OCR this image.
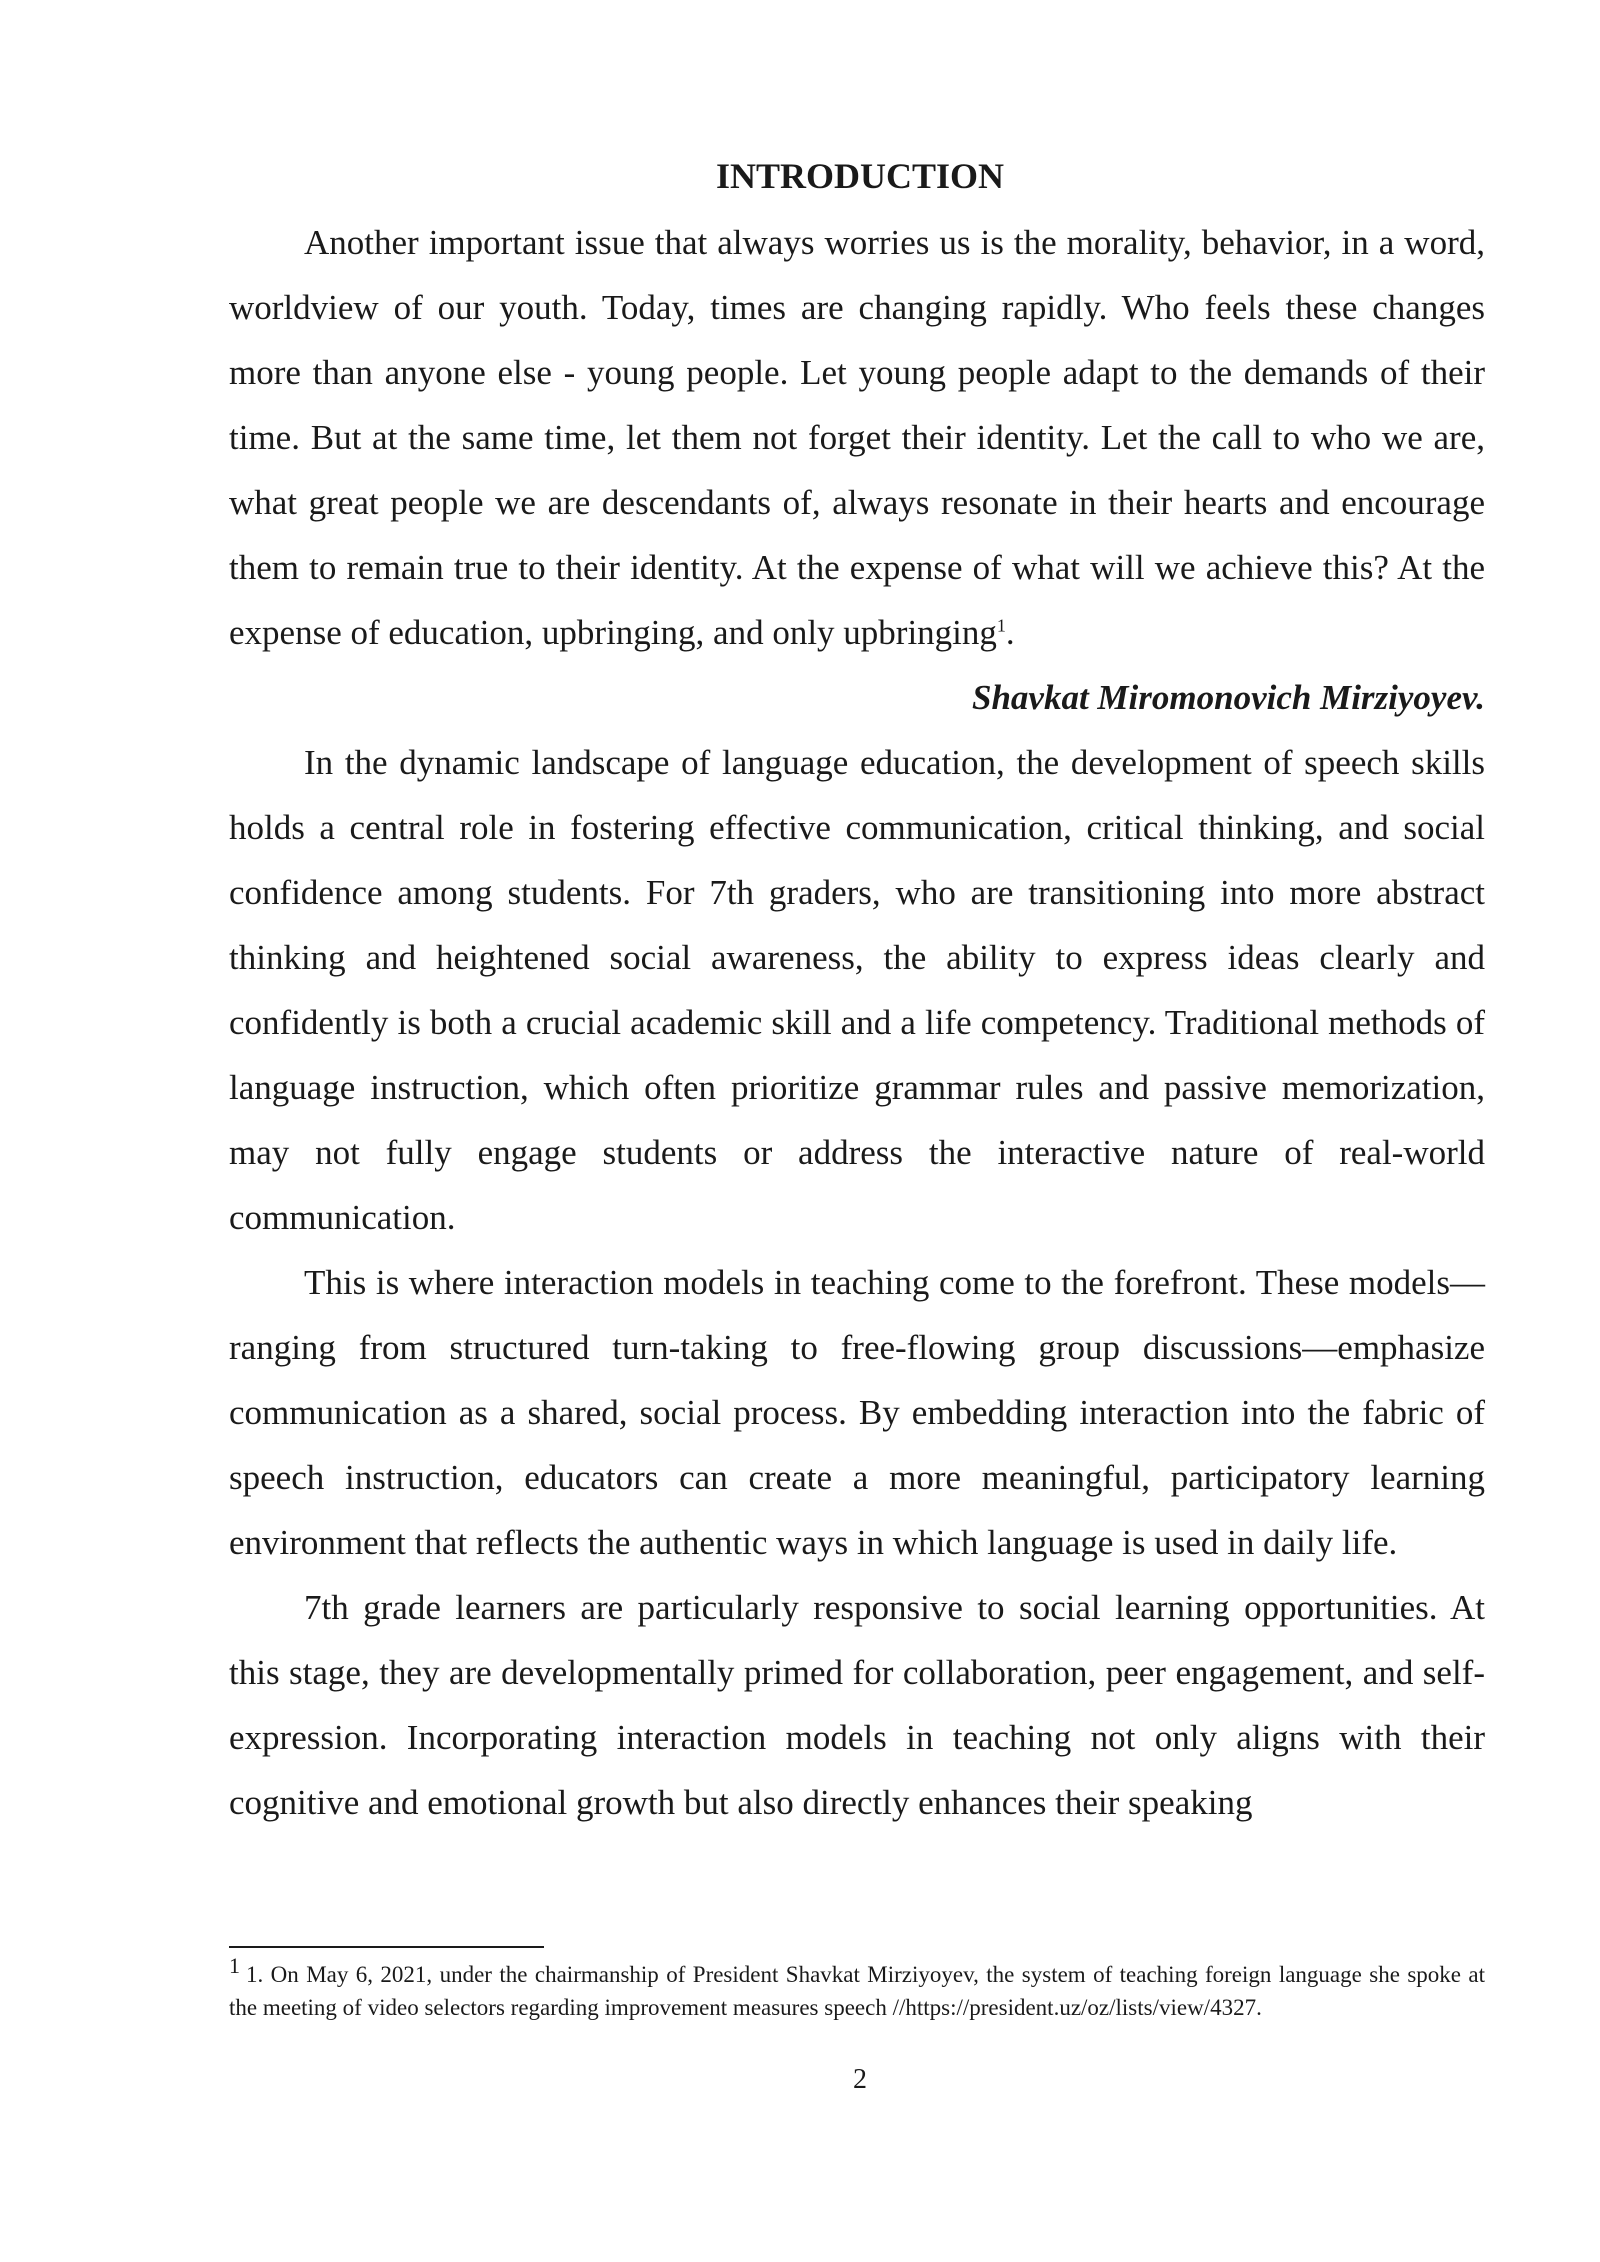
INTRODUCTION

Another important issue that always worries us is the morality, behavior, in a word, worldview of our youth. Today, times are changing rapidly. Who feels these changes more than anyone else - young people. Let young people adapt to the demands of their time. But at the same time, let them not forget their identity. Let the call to who we are, what great people we are descendants of, always resonate in their hearts and encourage them to remain true to their identity. At the expense of what will we achieve this? At the expense of education, upbringing, and only upbringing$^1$.

Shavkat Miromonovich Mirziyoyev.

In the dynamic landscape of language education, the development of speech skills holds a central role in fostering effective communication, critical thinking, and social confidence among students. For 7th graders, who are transitioning into more abstract thinking and heightened social awareness, the ability to express ideas clearly and confidently is both a crucial academic skill and a life competency. Traditional methods of language instruction, which often prioritize grammar rules and passive memorization, may not fully engage students or address the interactive nature of real-world communication.

This is where interaction models in teaching come to the forefront. These models—ranging from structured turn-taking to free-flowing group discussions—emphasize communication as a shared, social process. By embedding interaction into the fabric of speech instruction, educators can create a more meaningful, participatory learning environment that reflects the authentic ways in which language is used in daily life.

7th grade learners are particularly responsive to social learning opportunities. At this stage, they are developmentally primed for collaboration, peer engagement, and self-expression. Incorporating interaction models in teaching not only aligns with their cognitive and emotional growth but also directly enhances their speaking

1 1. On May 6, 2021, under the chairmanship of President Shavkat Mirziyoyev, the system of teaching foreign language she spoke at the meeting of video selectors regarding improvement measures speech //https://president.uz/oz/lists/view/4327.

2
